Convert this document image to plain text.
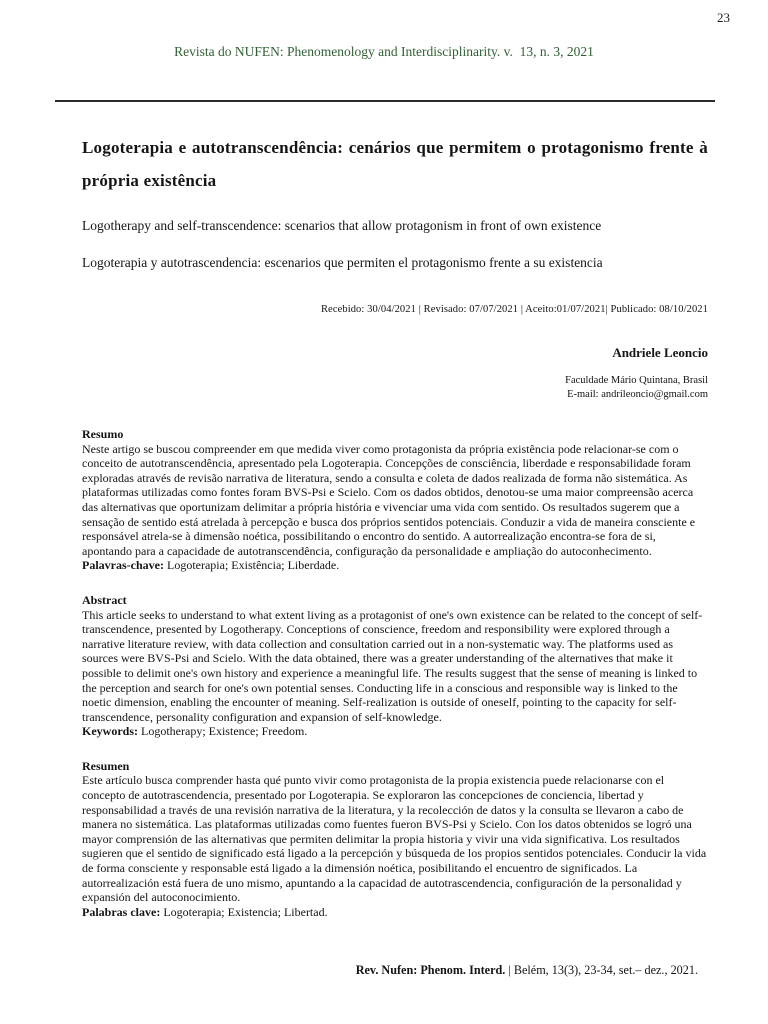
23
Revista do NUFEN: Phenomenology and Interdisciplinarity. v.  13, n. 3, 2021
Logoterapia e autotranscendência: cenários que permitem o protagonismo frente à própria existência
Logotherapy and self-transcendence: scenarios that allow protagonism in front of own existence
Logoterapia y autotrascendencia: escenarios que permiten el protagonismo frente a su existencia
Recebido: 30/04/2021 | Revisado: 07/07/2021 | Aceito:01/07/2021| Publicado: 08/10/2021
Andriele Leoncio
Faculdade Mário Quintana, Brasil
E-mail: andrileoncio@gmail.com
Resumo
Neste artigo se buscou compreender em que medida viver como protagonista da própria existência pode relacionar-se com o conceito de autotranscendência, apresentado pela Logoterapia. Concepções de consciência, liberdade e responsabilidade foram exploradas através de revisão narrativa de literatura, sendo a consulta e coleta de dados realizada de forma não sistemática. As plataformas utilizadas como fontes foram BVS-Psi e Scielo. Com os dados obtidos, denotou-se uma maior compreensão acerca das alternativas que oportunizam delimitar a própria história e vivenciar uma vida com sentido. Os resultados sugerem que a sensação de sentido está atrelada à percepção e busca dos próprios sentidos potenciais. Conduzir a vida de maneira consciente e responsável atrela-se à dimensão noética, possibilitando o encontro do sentido. A autorrealização encontra-se fora de si, apontando para a capacidade de autotranscendência, configuração da personalidade e ampliação do autoconhecimento.
Palavras-chave: Logoterapia; Existência; Liberdade.
Abstract
This article seeks to understand to what extent living as a protagonist of one's own existence can be related to the concept of self-transcendence, presented by Logotherapy. Conceptions of conscience, freedom and responsibility were explored through a narrative literature review, with data collection and consultation carried out in a non-systematic way. The platforms used as sources were BVS-Psi and Scielo. With the data obtained, there was a greater understanding of the alternatives that make it possible to delimit one's own history and experience a meaningful life. The results suggest that the sense of meaning is linked to the perception and search for one's own potential senses. Conducting life in a conscious and responsible way is linked to the noetic dimension, enabling the encounter of meaning. Self-realization is outside of oneself, pointing to the capacity for self-transcendence, personality configuration and expansion of self-knowledge.
Keywords: Logotherapy; Existence; Freedom.
Resumen
Este artículo busca comprender hasta qué punto vivir como protagonista de la propia existencia puede relacionarse con el concepto de autotrascendencia, presentado por Logoterapia. Se exploraron las concepciones de conciencia, libertad y responsabilidad a través de una revisión narrativa de la literatura, y la recolección de datos y la consulta se llevaron a cabo de manera no sistemática. Las plataformas utilizadas como fuentes fueron BVS-Psi y Scielo. Con los datos obtenidos se logró una mayor comprensión de las alternativas que permiten delimitar la propia historia y vivir una vida significativa. Los resultados sugieren que el sentido de significado está ligado a la percepción y búsqueda de los propios sentidos potenciales. Conducir la vida de forma consciente y responsable está ligado a la dimensión noética, posibilitando el encuentro de significados. La autorrealización está fuera de uno mismo, apuntando a la capacidad de autotrascendencia, configuración de la personalidad y expansión del autoconocimiento.
Palabras clave: Logoterapia; Existencia; Libertad.
Rev. Nufen: Phenom. Interd. | Belém, 13(3), 23-34, set.– dez., 2021.
